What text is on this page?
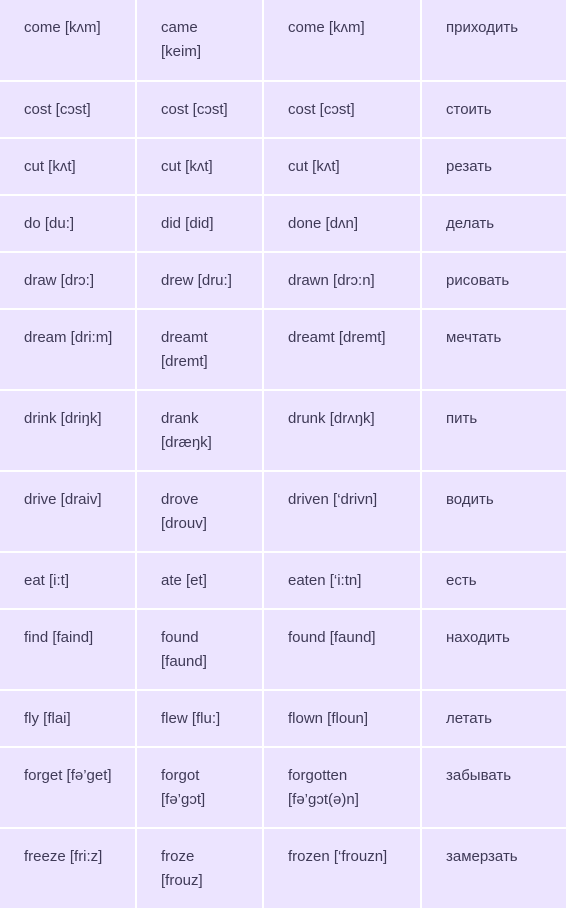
come [kʌm]	came [keim]	come [kʌm]	приходить
cost [cɔst]	cost [cɔst]	cost [cɔst]	стоить
cut [kʌt]	cut [kʌt]	cut [kʌt]	резать
do [du:]	did [did]	done [dʌn]	делать
draw [drɔ:]	drew [dru:]	drawn [drɔ:n]	рисовать
dream [dri:m]	dreamt [dremt]	dreamt [dremt]	мечтать
drink [driŋk]	drank [dræŋk]	drunk [drʌŋk]	пить
drive [draiv]	drove [drouv]	driven [‘drivn]	водить
eat [i:t]	ate [et]	eaten [‘i:tn]	есть
find [faind]	found [faund]	found [faund]	находить
fly [flai]	flew [flu:]	flown [floun]	летать
forget [fə’get]	forgot [fə’gɔt]	forgotten [fə’gɔt(ə)n]	забывать
freeze [fri:z]	froze [frouz]	frozen [‘frouzn]	замерзать
